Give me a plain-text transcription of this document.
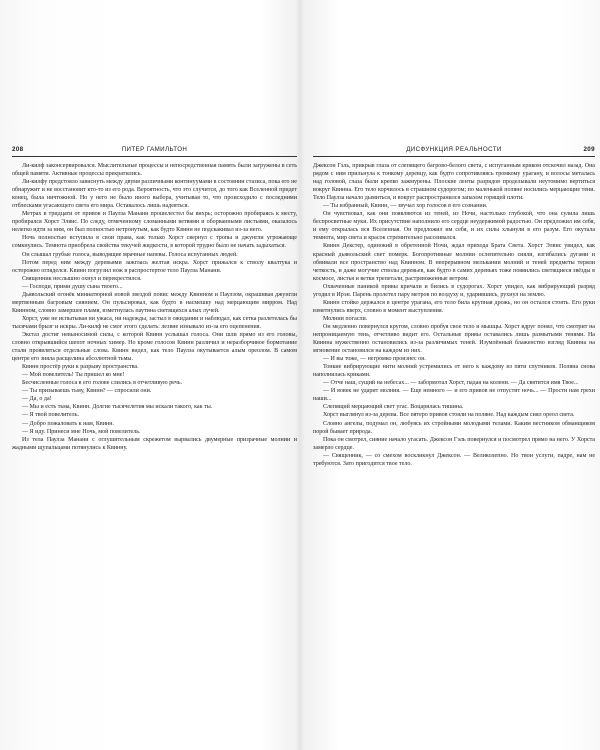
208	ПИТЕР ГАМИЛЬТОН

Ли-килф законсервировался. Мыслительные процессы и непосредственная память были загружены в сеть общей памяти. Активные процессы прекратились.

Ли-килфу предстояло зависнуть между двумя различными континуумами в состоянии стазиса, пока его не обнаружит и не восстановит кто-то из его рода. Вероятность, что это случится, до того как Вселенной придет конец, была ничтожной. Но у него не было иного выбора, учитывая то, что происходило с последними отблесками угасающего света его мира. Оставалось лишь надеяться.

Метрах в тридцати от привов и Паулза Манани прошелестел бы вихрь; осторожно пробираясь к месту, пробирался Хорст Элвис. По следу, отмеченному сломанными ветвями и оборванными листьями, оказалось нелегко идти за ним, он был полностью нетронутым, как будто Квинн не подскакивал из-за него.

Ночь полностью вступила в свои права, как только Хорст свернул с тропы и джунгли угрожающе сомкнулись. Темнота приобрела свойства текучей жидкости, в которой трудно было не начать задыхаться.

Он слышал грубые голоса, выводящие мрачные напевы. Голоса испуганных людей.

Потом перед ним между деревьями зажглась желтая искра. Хорст прижался к стволу квалтука и осторожно огляделся. Квинн погрузил нож в распростертое тело Паулза Манани.

Священник неслышно охнул и перекрестился.

— Господи, прими душу сына твоего...

Дьявольский огонёк миниатюрной новой звездой повис между Квинном и Паулзом, окрашивая джунгли мертвенным багровым сиянием. Он пульсировал, как будто в насмешку над мерцающим мирром. Над Квинном, словно замершее пламя, взметнулась паутина светящихся алых лучей.

Хорст, уже не испытывая ни ужаса, ни надежды, застыл в ожидании и наблюдал, как сетка разлетелась бы тысячами брызг и искры. Ли-килф не смог этого сделать: лезвие изнывало из-за его оцепенения.

Экстаз достиг невыносимой силы, с которой Квинн услышал голоса. Они шли прямо из его головы, словно открывшийся шепот ночных химер. Но кроме голосов Квинн различил и неразборчивое бормотание стали проявляться отдельные слова. Квинн видел, как тело Паулза окутывается алым ореолом. В самом центре его зияла расщелина абсолютной тьмы.

Квинн простёр руки к разрыву пространства.

— Мой повелитель! Ты пришел ко мне!

Бесчисленные голоса в его голове слились в отчетливую речь.

— Ты призываешь тьму, Квинн? — спросили они.

— Да, о да!

— Мы и есть тьма, Квинн. Долгие тысячелетия мы искали такого, как ты.

— Я твой повелитель.

— Добро пожаловать к нам, Квинн.

— Я иду. Принеси мне Ночь, мой повелитель.

Из тела Паулза Манани с оглушительным скрежетом вырвались двумерные призрачные молнии и жадными щупальцами потянулись к Квинну.

ДИСФУНКЦИЯ РЕАЛЬНОСТИ	209

Джексон Гэль, прикрыв глаза от слепящего багрово-белого света, с испуганным криком отскочил назад. Она рядом с ним прильнула к тонкому деревцу, как будто сопротивляясь громкому урагану, и волосы металась над головой, глаза были крепко зажмурены. Плоские ленты разрядов проделывали неутомимо вертиться вокруг Квинна. Его тело корчилось в страшном судорогом; по маленькой поляне носились мерцающие тени. Тело Паулза начало дымиться, и вокруг распространился запахом горящей плоти.

— Ты избранный, Квинн, — звучал хор голосов в его сознании.

Он чувствовал, как они появляются из теней, из Ночи, настолько глубокой, что она сулила лишь беспросветные муки. Их присутствие наполнило его сердце неудержимой радостью. Он предложил им себя, и ему открылась вся Вселенная. Он предложил им себя, и их силы хлынули в его разум. Его окутала темнота, мир света и красок стремительно рассеивался.

Квинн Декстер, одинокий в обретенной Ночи, ждал прихода Брата Света. Хорст Элвис увидел, как красный дьявольский свет померк. Богопротивные молнии ослепительно сияли, изгибались дугами и обвивали все пространство над Квинном. В непрерывном мелькании молний и теней предметы теряли четкость, и даже могучие стволы деревьев, как будто в самих деревьях тоже появились светящиеся звёзды в космосе, листья и ветки трепетали, растревоженные ветром.

Охваченные паникой привы кричали и бились в судорогах. Хорст увидел, как вибрирующий разряд угодил в Ирэн. Парень пролетел пару метров по воздуху и, ударившись, рухнул на землю.

Квинн стойко держался в центре урагана, его тело била крупная дрожь, но он остался стоять. Его руки взметнулись вверх, словно в момент выступления.

Молнии погасли.

Он медленно повернулся кругом, словно пробуя свое тело и мышцы. Хорст вдруг понял, что смотрит на непроницаемую тень, отчетливо видит его. Остальные привы оставались лишь размытыми тенями. На Квинна мужественно остановились из-за различимых теней. Изумлённый блаженство взгляд Квинна на мгновение остановился на каждом из них.

— И вы тоже, — негромко произнес он.

Тонкие вибрирующие нити молний устремились от него к каждому из пяти спутников. Поляна снова наполнилась криками.

— Отче наш, сущий на небесах... — забормотал Хорст, падая на колени. — Да святится имя Твое...

— И вовек не ударит молния. — Еще немного — и его привов не отпустит ночь... — Прости нам грехи наши...

Слепящий мерцающий свет угас. Воцарилась тишина.

Хорст выглянул из-за дерева. Все пятеро привов стояли на поляне. Над каждым сиял ореол света.

Словно ангелы, подумал он, любуясь их стройными молодыми телами. Каким вестником обманщиком порой бывает природа.

Пока он смотрел, сияние начало угасать. Джексон Гэль повернулся и посмотрел прямо на него. У Хорста замерло сердце.

— Священник, — со смехом воскликнул Джексон. — Великолепно. Но твои услуги, падре, нам не требуются. Зато пригодится твое тело.
